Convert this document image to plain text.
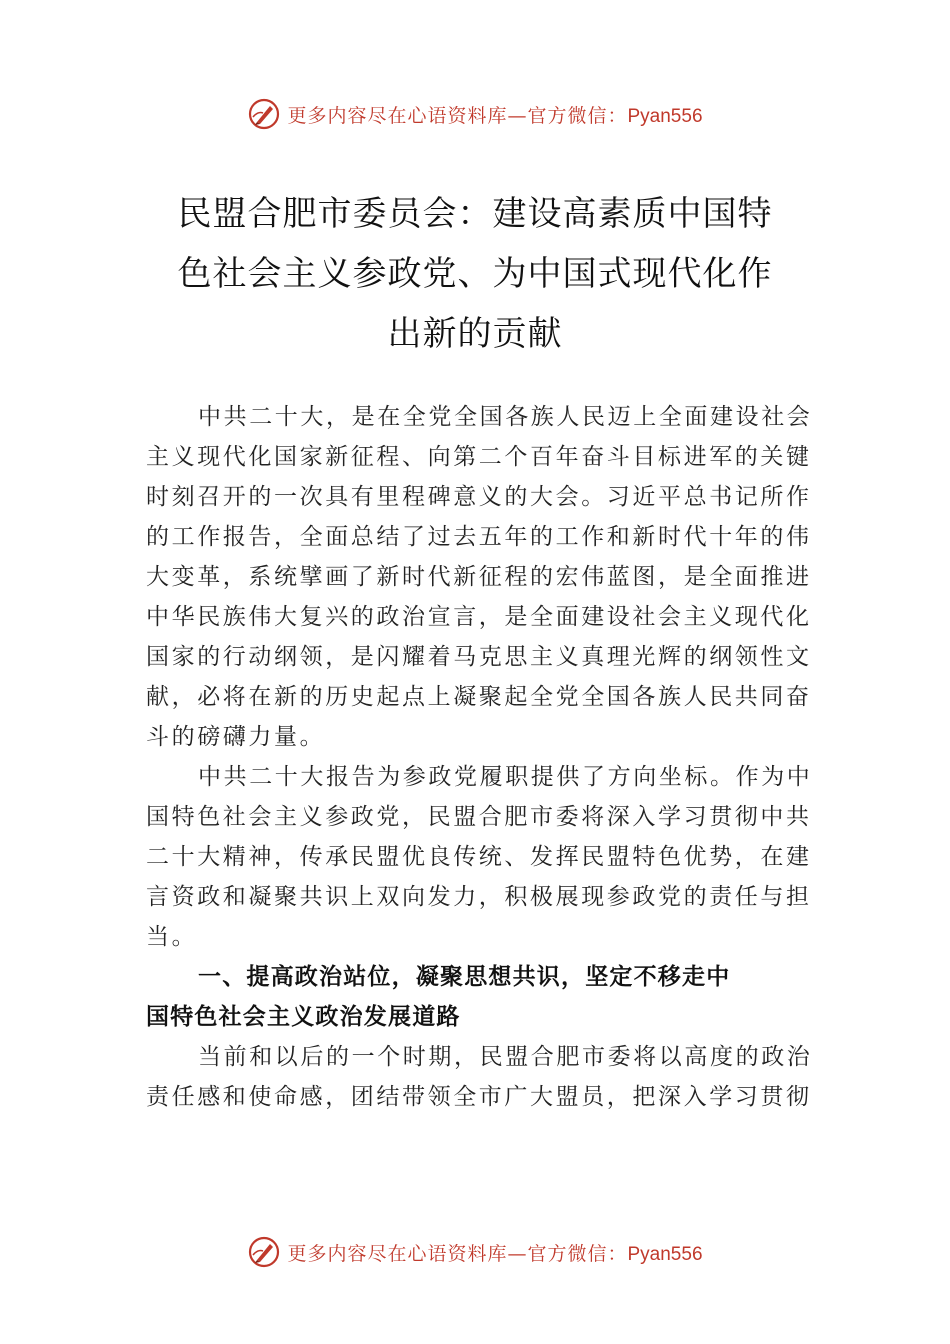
更多内容尽在心语资料库—官方微信：Pyan556
民盟合肥市委员会：建设高素质中国特
色社会主义参政党、为中国式现代化作
出新的贡献
中共二十大，是在全党全国各族人民迈上全面建设社会
主义现代化国家新征程、向第二个百年奋斗目标进军的关键
时刻召开的一次具有里程碑意义的大会。习近平总书记所作
的工作报告，全面总结了过去五年的工作和新时代十年的伟
大变革，系统擘画了新时代新征程的宏伟蓝图，是全面推进
中华民族伟大复兴的政治宣言，是全面建设社会主义现代化
国家的行动纲领，是闪耀着马克思主义真理光辉的纲领性文
献，必将在新的历史起点上凝聚起全党全国各族人民共同奋
斗的磅礴力量。
中共二十大报告为参政党履职提供了方向坐标。作为中
国特色社会主义参政党，民盟合肥市委将深入学习贯彻中共
二十大精神，传承民盟优良传统、发挥民盟特色优势，在建
言资政和凝聚共识上双向发力，积极展现参政党的责任与担
当。
一、提高政治站位，凝聚思想共识，坚定不移走中
国特色社会主义政治发展道路
当前和以后的一个时期，民盟合肥市委将以高度的政治
责任感和使命感，团结带领全市广大盟员，把深入学习贯彻
更多内容尽在心语资料库—官方微信：Pyan556
